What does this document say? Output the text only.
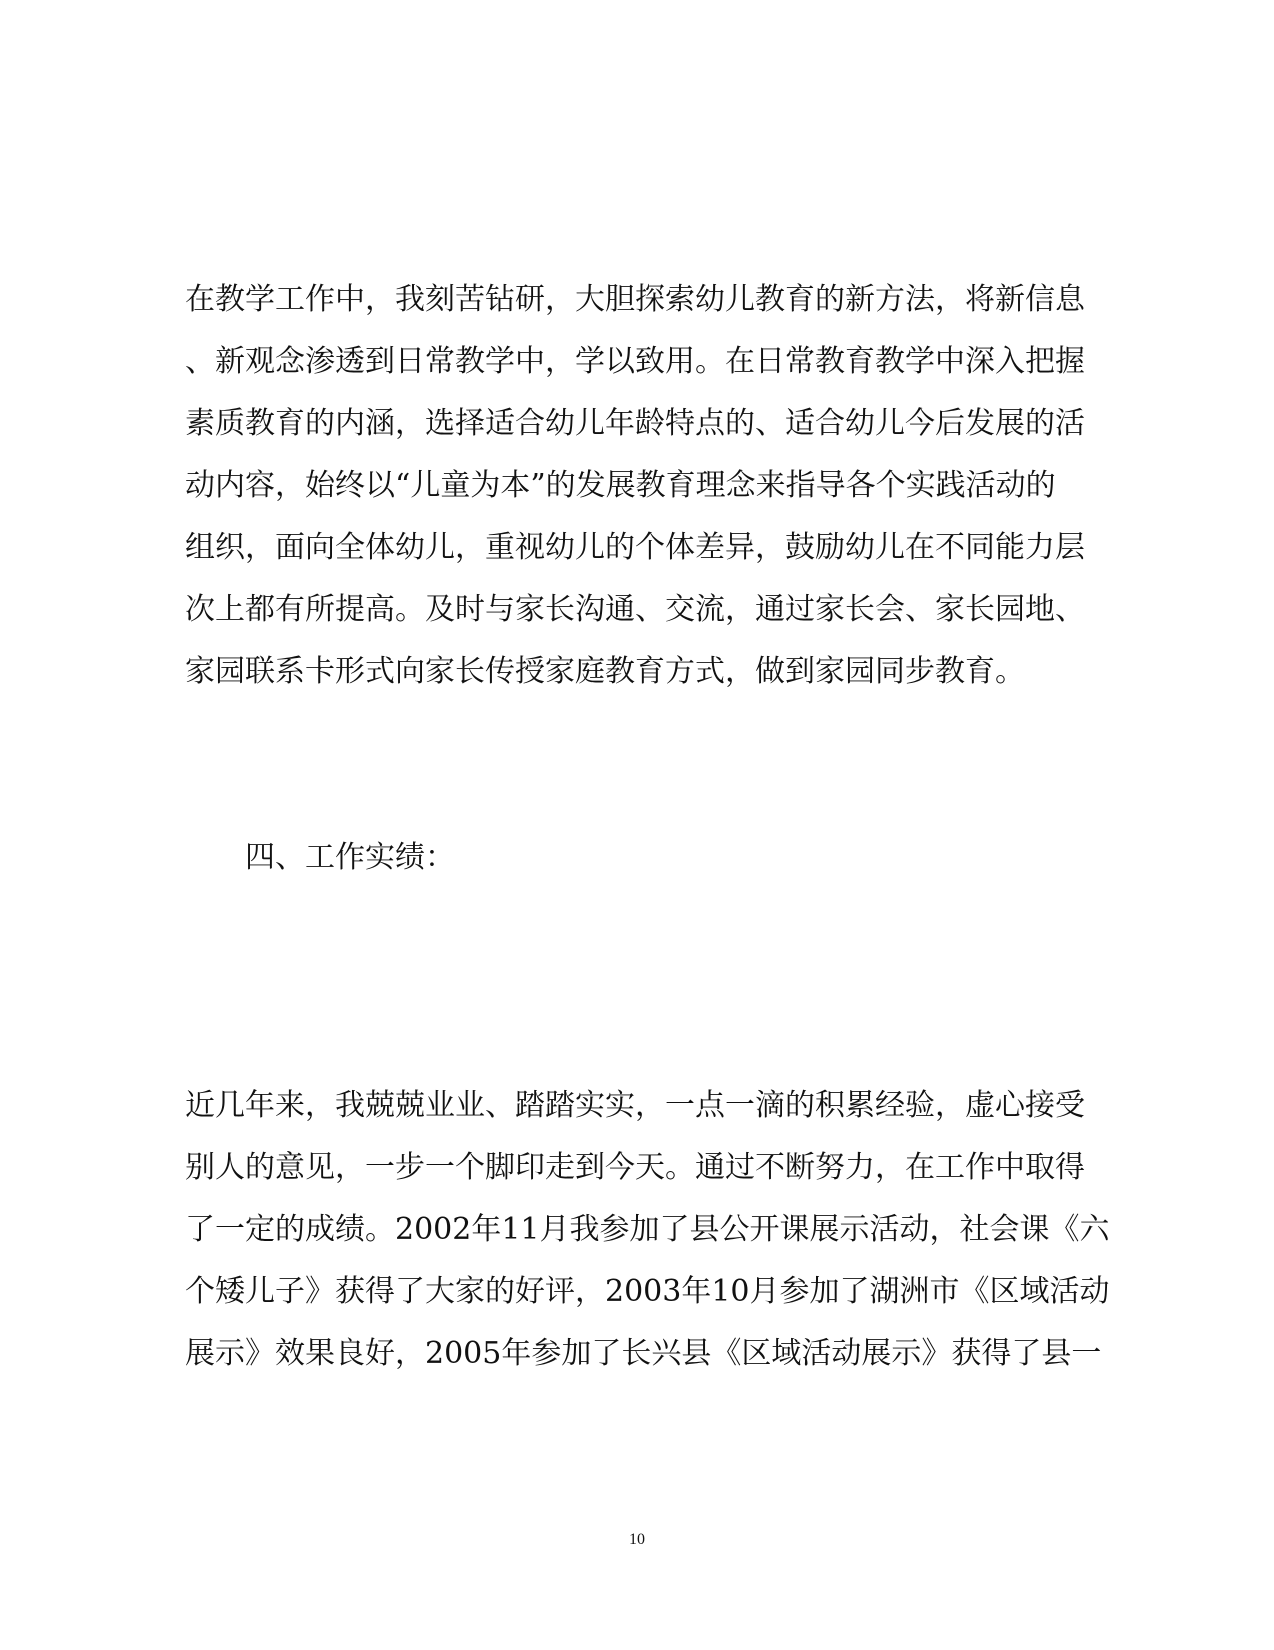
在教学工作中，我刻苦钻研，大胆探索幼儿教育的新方法，将新信息
、新观念渗透到日常教学中，学以致用。在日常教育教学中深入把握
素质教育的内涵，选择适合幼儿年龄特点的、适合幼儿今后发展的活
动内容，始终以“儿童为本”的发展教育理念来指导各个实践活动的
组织，面向全体幼儿，重视幼儿的个体差异，鼓励幼儿在不同能力层
次上都有所提高。及时与家长沟通、交流，通过家长会、家长园地、
家园联系卡形式向家长传授家庭教育方式，做到家园同步教育。
四、工作实绩：
近几年来，我兢兢业业、踏踏实实，一点一滴的积累经验，虚心接受
别人的意见，一步一个脚印走到今天。通过不断努力，在工作中取得
了一定的成绩。2002年11月我参加了县公开课展示活动，社会课《六
个矮儿子》获得了大家的好评，2003年10月参加了湖洲市《区域活动
展示》效果良好，2005年参加了长兴县《区域活动展示》获得了县一
10
